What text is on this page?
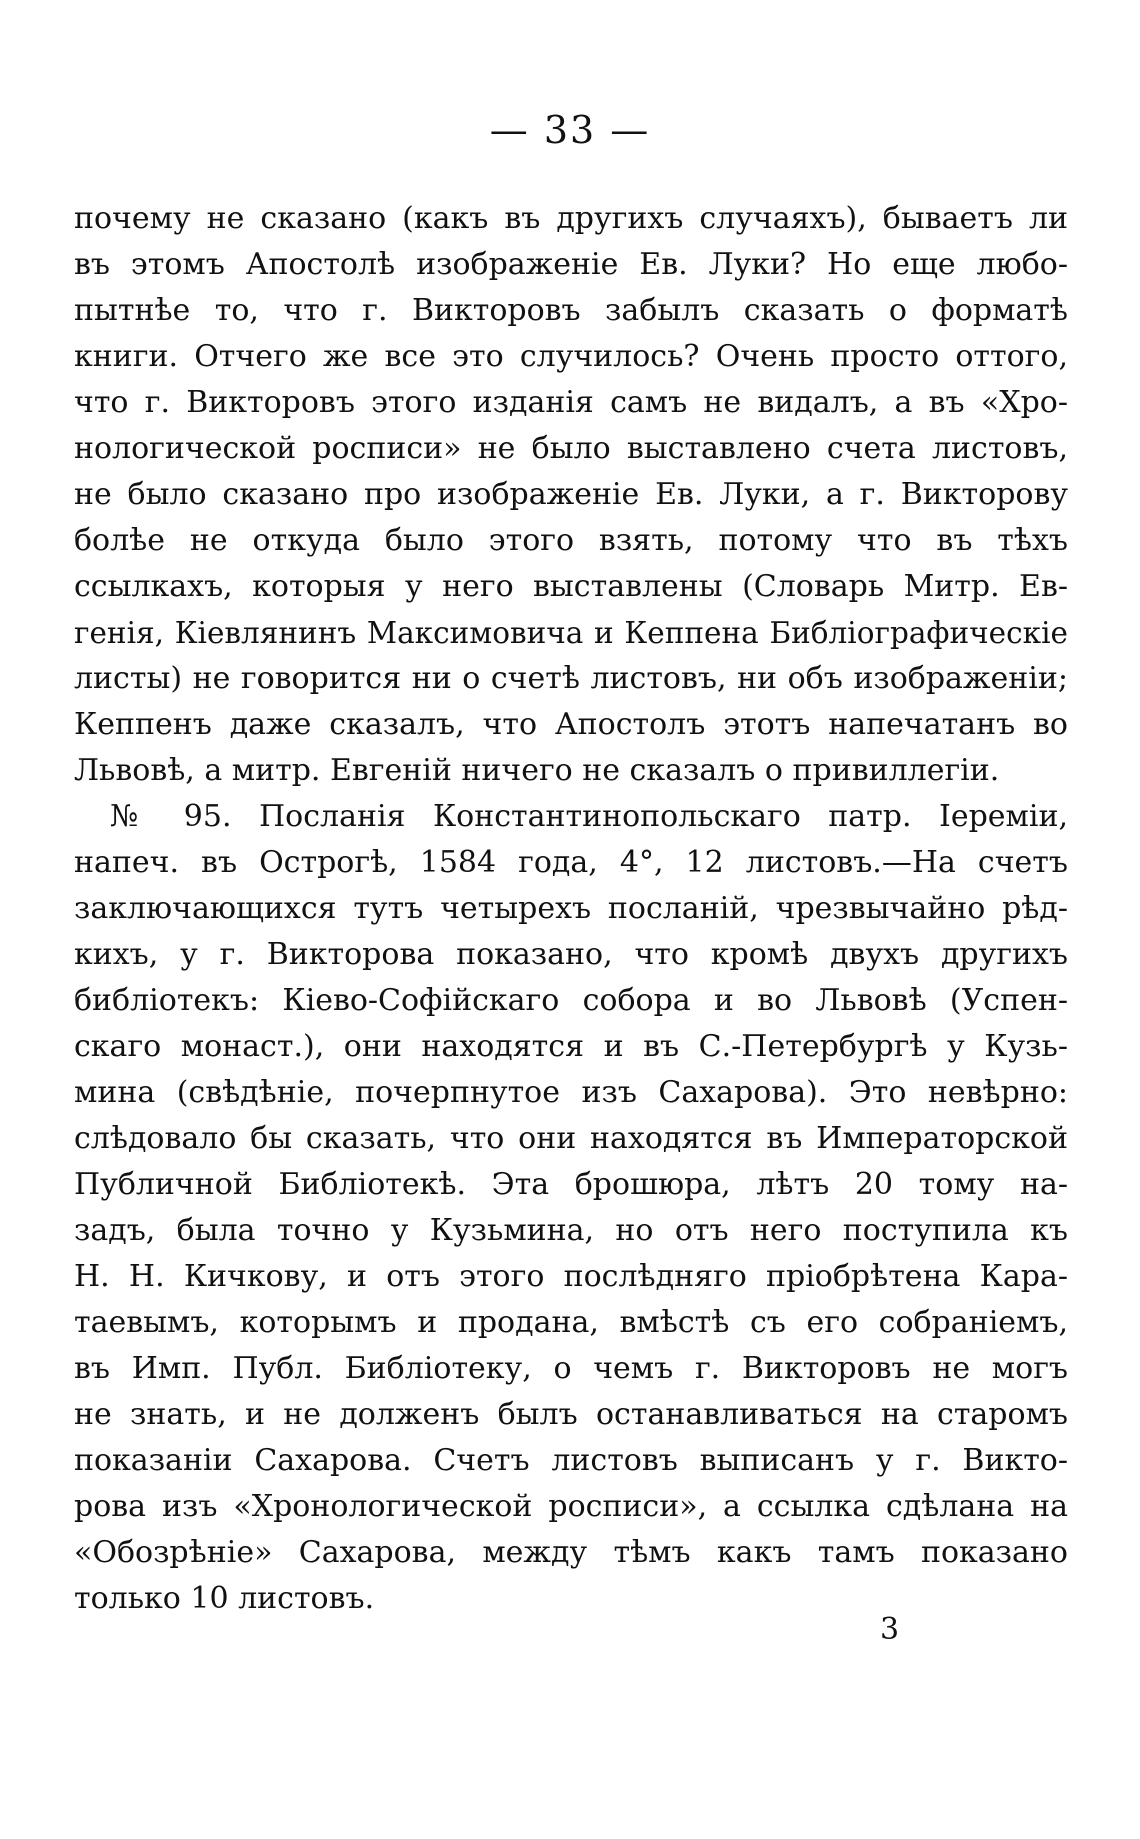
— 33 —
почему не сказано (какъ въ другихъ случаяхъ), бываетъ ли
въ этомъ Апостолѣ изображеніе Ев. Луки? Но еще любо-
пытнѣе то, что г. Викторовъ забылъ сказать о форматѣ
книги. Отчего же все это случилось? Очень просто оттого,
что г. Викторовъ этого изданія самъ не видалъ, а въ «Хро-
нологической росписи» не было выставлено счета листовъ,
не было сказано про изображеніе Ев. Луки, а г. Викторову
болѣе не откуда было этого взять, потому что въ тѣхъ
ссылкахъ, которыя у него выставлены (Словарь Митр. Ев-
генія, Кіевлянинъ Максимовича и Кеппена Библіографическіе
листы) не говорится ни о счетѣ листовъ, ни объ изображеніи;
Кеппенъ даже сказалъ, что Апостолъ этотъ напечатанъ во
Львовѣ, а митр. Евгеній ничего не сказалъ о привиллегіи.
№ 95. Посланія Константинопольскаго патр. Іереміи,
напеч. въ Острогѣ, 1584 года, 4°, 12 листовъ.—На счетъ
заключающихся тутъ четырехъ посланій, чрезвычайно рѣд-
кихъ, у г. Викторова показано, что кромѣ двухъ другихъ
библіотекъ: Кіево-Софійскаго собора и во Львовѣ (Успен-
скаго монаст.), они находятся и въ С.-Петербургѣ у Кузь-
мина (свѣдѣніе, почерпнутое изъ Сахарова). Это невѣрно:
слѣдовало бы сказать, что они находятся въ Императорской
Публичной Библіотекѣ. Эта брошюра, лѣтъ 20 тому на-
задъ, была точно у Кузьмина, но отъ него поступила къ
Н. Н. Кичкову, и отъ этого послѣдняго пріобрѣтена Кара-
таевымъ, которымъ и продана, вмѣстѣ съ его собраніемъ,
въ Имп. Публ. Библіотеку, о чемъ г. Викторовъ не могъ
не знать, и не долженъ былъ останавливаться на старомъ
показаніи Сахарова. Счетъ листовъ выписанъ у г. Викто-
рова изъ «Хронологической росписи», а ссылка сдѣлана на
«Обозрѣніе» Сахарова, между тѣмъ какъ тамъ показано
только 10 листовъ.
3
